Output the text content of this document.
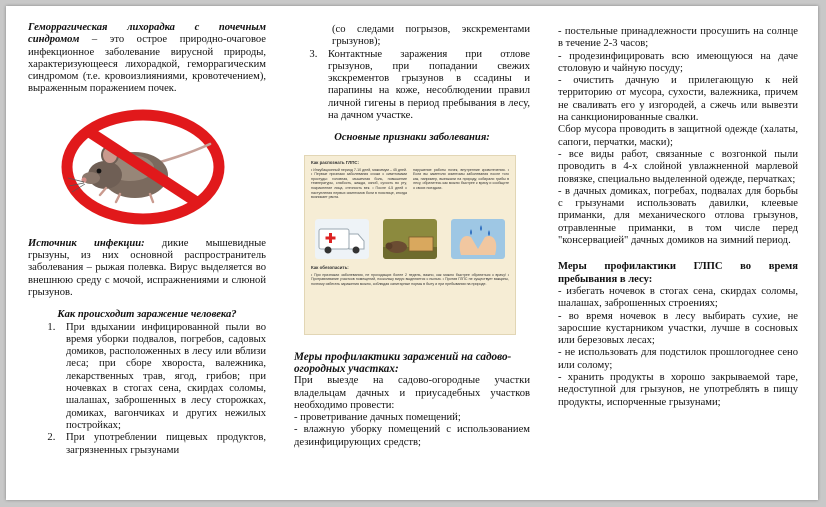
Геморрагическая лихорадка с почечным синдромом – это острое природно-очаговое инфекционное заболевание вирусной природы, характеризующееся лихорадкой, геморрагическим синдромом (т.е. кровоизлияниями, кровотечением), выраженным поражением почек.

Источник инфекции: дикие мышевидные грызуны, из них основной распространитель заболевания – рыжая полевка. Вирус выделяется во внешнюю среду с мочой, испражнениями и слюной грызунов.

Как происходит заражение человека?

1. При вдыхании инфицированной пыли во время уборки подвалов, погребов, садовых домиков, расположенных в лесу или вблизи леса; при сборе хвороста, валежника, лекарственных трав, ягод, грибов; при ночевках в стогах сена, скирдах соломы, шалашах, заброшенных в лесу сторожках, домиках, вагончиках и других нежилых постройках;
2. При употреблении пищевых продуктов, загрязненных грызунами

(со следами погрызов, экскрементами грызунов);

3. Контактные заражения при отлове грызунов, при попадании свежих экскрементов грызунов в ссадины и парапины на коже, несоблюдении правил личной гигены в период пребывания в лесу, на дачном участке.

Основные признаки заболевания:

Как распознать ГЛПС:
• Инкубационный период 7-10 дней, максимум – 45 дней. • Первые признаки заболевания схожи с симптомами простуды: головная, мышечная боль, повышение температуры, слабость, жажда, озноб, сухость во рту, покраснение лица, отечность век. • После 4-5 дней с наступления первых симптомов боли в пояснице, иногда возникает рвота.
нарушение работы почек, внутренние кровотечения. • Если вы заметили симптомы заболевания после того как, например, выезжали на природу, собирали грибы в лесу, обратитесь как можно быстрее к врачу и сообщите о своих поездках.
Как обезопасить:
• При признаках заболевания, не проходящих более 2 недель, важно, как можно быстрее обратиться к врачу! • Протравливание участков помещений, поскольку вирус выделяется с пылью. • Против ГЛПС не существует вакцины, поэтому избегать заражения можно, соблюдая санитарные нормы в быту и при пребывании на природе.

Меры профилактики заражений на садово-огородных участках:

При выезде на садово-огородные участки владельцам дачных и приусадебных участков необходимо провести:

- проветривание дачных помещений;

- влажную уборку помещений с использованием дезинфицирующих средств;

- постельные принадлежности просушить на солнце в течение 2-3 часов;

- продезинфицировать всю имеющуюся на даче столовую и чайную посуду;

- очистить дачную и прилегающую к ней территорию от мусора, сухости, валежника, причем не сваливать его у изгородей, а сжечь или вывезти на санкционированные свалки.

Сбор мусора проводить в защитной одежде (халаты, сапоги, перчатки, маски);

- все виды работ, связанные с возгонкой пыли проводить в 4-х слойной увлажненной марлевой повязке, специально выделенной одежде, перчатках;

- в дачных домиках, погребах, подвалах для борьбы с грызунами использовать давилки, клеевые приманки, для механического отлова грызунов, отравленные приманки, в том числе перед "консервацией" дачных домиков на зимний период.

Меры профилактики ГЛПС во время пребывания в лесу:

- избегать ночевок в стогах сена, скирдах соломы, шалашах, заброшенных строениях;

- во время ночевок в лесу выбирать сухие, не заросшие кустарником участки, лучше в сосновых или березовых лесах;

- не использовать для подстилок прошлогоднее сено или солому;

- хранить продукты в хорошо закрываемой таре, недоступной для грызунов, не употреблять в пищу продукты, испорченные грызунами;
